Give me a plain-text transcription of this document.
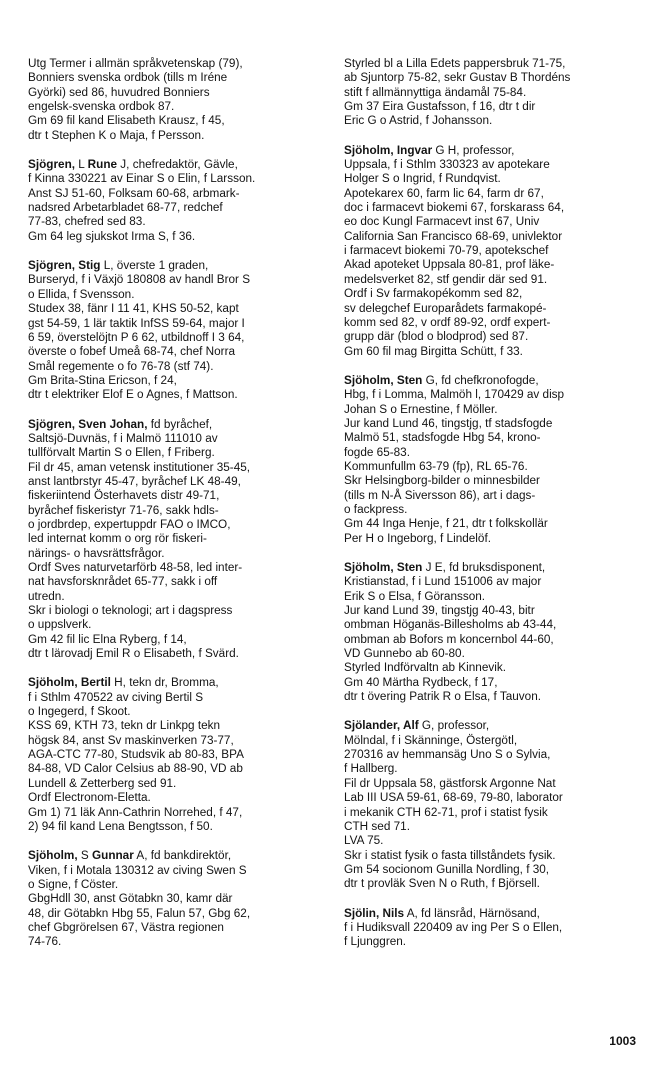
Utg Termer i allmän språkvetenskap (79),
Bonniers svenska ordbok (tills m Iréne
Györki) sed 86, huvudred Bonniers
engelsk-svenska ordbok 87.
Gm 69 fil kand Elisabeth Krausz, f 45,
dtr t Stephen K o Maja, f Persson.
Sjögren, L Rune J, chefredaktör, Gävle,
f Kinna 330221 av Einar S o Elin, f Larsson.
Anst SJ 51-60, Folksam 60-68, arbmark-
nadsred Arbetarbladet 68-77, redchef
77-83, chefred sed 83.
Gm 64 leg sjukskot Irma S, f 36.
Sjögren, Stig L, överste 1 graden,
Burseryd, f i Växjö 180808 av handl Bror S
o Ellida, f Svensson.
Studex 38, fänr I 11 41, KHS 50-52, kapt
gst 54-59, 1 lär taktik InfSS 59-64, major I
6 59, överstelöjtn P 6 62, utbildnoff I 3 64,
överste o fobef Umeå 68-74, chef Norra
Smål regemente o fo 76-78 (stf 74).
Gm Brita-Stina Ericson, f 24,
dtr t elektriker Elof E o Agnes, f Mattson.
Sjögren, Sven Johan, fd byråchef,
Saltsjö-Duvnäs, f i Malmö 111010 av
tullförvalt Martin S o Ellen, f Friberg.
Fil dr 45, aman vetensk institutioner 35-45,
anst lantbrstyr 45-47, byråchef LK 48-49,
fiskeriintend Österhavets distr 49-71,
byråchef fiskeristyr 71-76, sakk hdls-
o jordbrdep, expertuppdr FAO o IMCO,
led internat komm o org rör fiskeri-
närings- o havsrättsfrågor.
Ordf Sves naturvetarförb 48-58, led inter-
nat havsforsknrådet 65-77, sakk i off
utredn.
Skr i biologi o teknologi; art i dagspress
o uppslverk.
Gm 42 fil lic Elna Ryberg, f 14,
dtr t lärovadj Emil R o Elisabeth, f Svärd.
Sjöholm, Bertil H, tekn dr, Bromma,
f i Sthlm 470522 av civing Bertil S
o Ingegerd, f Skoot.
KSS 69, KTH 73, tekn dr Linkpg tekn
högsk 84, anst Sv maskinverken 73-77,
AGA-CTC 77-80, Studsvik ab 80-83, BPA
84-88, VD Calor Celsius ab 88-90, VD ab
Lundell & Zetterberg sed 91.
Ordf Electronom-Eletta.
Gm 1) 71 läk Ann-Cathrin Norrehed, f 47,
2) 94 fil kand Lena Bengtsson, f 50.
Sjöholm, S Gunnar A, fd bankdirektör,
Viken, f i Motala 130312 av civing Swen S
o Signe, f Cöster.
GbgHdll 30, anst Götabkn 30, kamr där
48, dir Götabkn Hbg 55, Falun 57, Gbg 62,
chef Gbgrörelsen 67, Västra regionen
74-76.
Styrled bl a Lilla Edets pappersbruk 71-75,
ab Sjuntorp 75-82, sekr Gustav B Thordéns
stift f allmännyttiga ändamål 75-84.
Gm 37 Eira Gustafsson, f 16, dtr t dir
Eric G o Astrid, f Johansson.
Sjöholm, Ingvar G H, professor,
Uppsala, f i Sthlm 330323 av apotekare
Holger S o Ingrid, f Rundqvist.
Apotekarex 60, farm lic 64, farm dr 67,
doc i farmacevt biokemi 67, forskarass 64,
eo doc Kungl Farmacevt inst 67, Univ
California San Francisco 68-69, univlektor
i farmacevt biokemi 70-79, apotekschef
Akad apoteket Uppsala 80-81, prof läke-
medelsverket 82, stf gendir där sed 91.
Ordf i Sv farmakopékomm sed 82,
sv delegchef Europarådets farmakopé-
komm sed 82, v ordf 89-92, ordf expert-
grupp där (blod o blodprod) sed 87.
Gm 60 fil mag Birgitta Schütt, f 33.
Sjöholm, Sten G, fd chefkronofogde,
Hbg, f i Lomma, Malmöh l, 170429 av disp
Johan S o Ernestine, f Möller.
Jur kand Lund 46, tingstjg, tf stadsfogde
Malmö 51, stadsfogde Hbg 54, krono-
fogde 65-83.
Kommunfullm 63-79 (fp), RL 65-76.
Skr Helsingborg-bilder o minnesbilder
(tills m N-Å Siversson 86), art i dags-
o fackpress.
Gm 44 Inga Henje, f 21, dtr t folkskollär
Per H o Ingeborg, f Lindelöf.
Sjöholm, Sten J E, fd bruksdisponent,
Kristianstad, f i Lund 151006 av major
Erik S o Elsa, f Göransson.
Jur kand Lund 39, tingstjg 40-43, bitr
ombman Höganäs-Billesholms ab 43-44,
ombman ab Bofors m koncernbol 44-60,
VD Gunnebo ab 60-80.
Styrled Indförvaltn ab Kinnevik.
Gm 40 Märtha Rydbeck, f 17,
dtr t övering Patrik R o Elsa, f Tauvon.
Sjölander, Alf G, professor,
Mölndal, f i Skänninge, Östergötl,
270316 av hemmansäg Uno S o Sylvia,
f Hallberg.
Fil dr Uppsala 58, gästforsk Argonne Nat
Lab III USA 59-61, 68-69, 79-80, laborator
i mekanik CTH 62-71, prof i statist fysik
CTH sed 71.
LVA 75.
Skr i statist fysik o fasta tillståndets fysik.
Gm 54 socionom Gunilla Nordling, f 30,
dtr t provläk Sven N o Ruth, f Björsell.
Sjölin, Nils A, fd länsråd, Härnösand,
f i Hudiksvall 220409 av ing Per S o Ellen,
f Ljunggren.
1003
